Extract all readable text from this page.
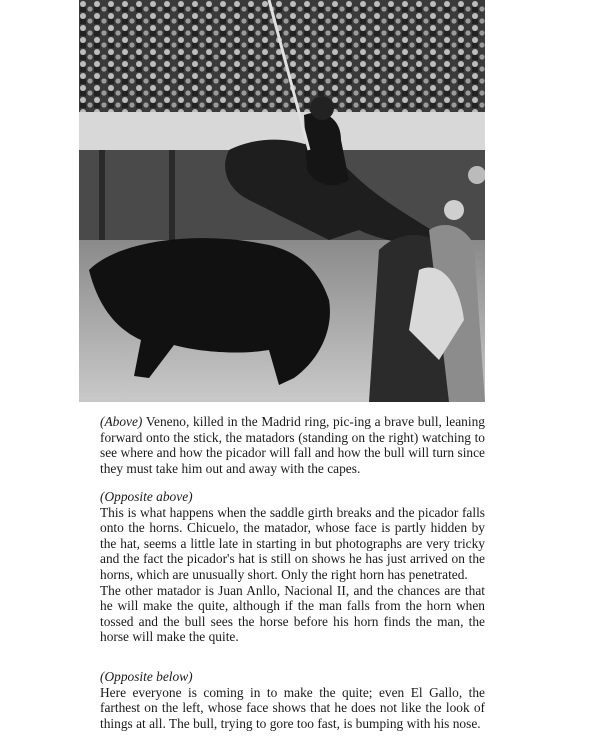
(Above) Veneno, killed in the Madrid ring, pic-ing a brave bull, leaning forward onto the stick, the matadors (standing on the right) watching to see where and how the picador will fall and how the bull will turn since they must take him out and away with the capes.

(Opposite above)

This is what happens when the saddle girth breaks and the picador falls onto the horns. Chicuelo, the matador, whose face is partly hidden by the hat, seems a little late in starting in but photographs are very tricky and the fact the picador's hat is still on shows he has just arrived on the horns, which are unusually short. Only the right horn has penetrated.

The other matador is Juan Anllo, Nacional II, and the chances are that he will make the quite, although if the man falls from the horn when tossed and the bull sees the horse before his horn finds the man, the horse will make the quite.

(Opposite below)

Here everyone is coming in to make the quite; even El Gallo, the farthest on the left, whose face shows that he does not like the look of things at all. The bull, trying to gore too fast, is bumping with his nose.
